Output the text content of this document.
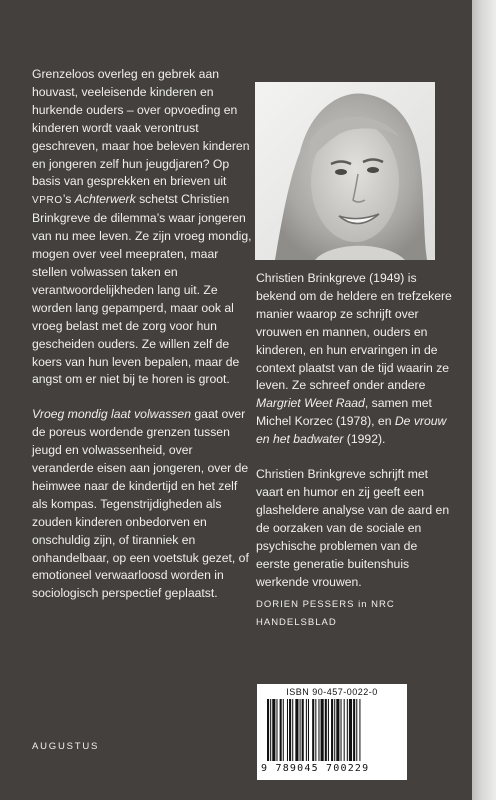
Grenzeloos overleg en gebrek aan houvast, veeleisende kinderen en hurkende ouders – over opvoeding en kinderen wordt vaak verontrust geschreven, maar hoe beleven kinderen en jongeren zelf hun jeugdjaren? Op basis van gesprekken en brieven uit VPRO’s Achterwerk schetst Christien Brinkgreve de dilemma’s waar jongeren van nu mee leven. Ze zijn vroeg mondig, mogen over veel meepraten, maar stellen volwassen taken en verantwoordelijkheden lang uit. Ze worden lang gepamperd, maar ook al vroeg belast met de zorg voor hun gescheiden ouders. Ze willen zelf de koers van hun leven bepalen, maar de angst om er niet bij te horen is groot.

Vroeg mondig laat volwassen gaat over de poreus wordende grenzen tussen jeugd en volwassenheid, over veranderde eisen aan jongeren, over de heimwee naar de kindertijd en het zelf als kompas. Tegenstrijdigheden als zouden kinderen onbedorven en onschuldig zijn, of tiranniek en onhandelbaar, op een voetstuk gezet, of emotioneel verwaarloosd worden in sociologisch perspectief geplaatst.

Christien Brinkgreve (1949) is bekend om de heldere en trefzekere manier waarop ze schrijft over vrouwen en mannen, ouders en kinderen, en hun ervaringen in de context plaatst van de tijd waarin ze leven. Ze schreef onder andere Margriet Weet Raad, samen met Michel Korzec (1978), en De vrouw en het badwater (1992).

Christien Brinkgreve schrijft met vaart en humor en zij geeft een glasheldere analyse van de aard en de oorzaken van de sociale en psychische problemen van de eerste generatie buitenshuis werkende vrouwen.

DORIEN PESSERS in NRC HANDELSBLAD
AUGUSTUS
ISBN 90-457-0022-0
9 789045 700229
